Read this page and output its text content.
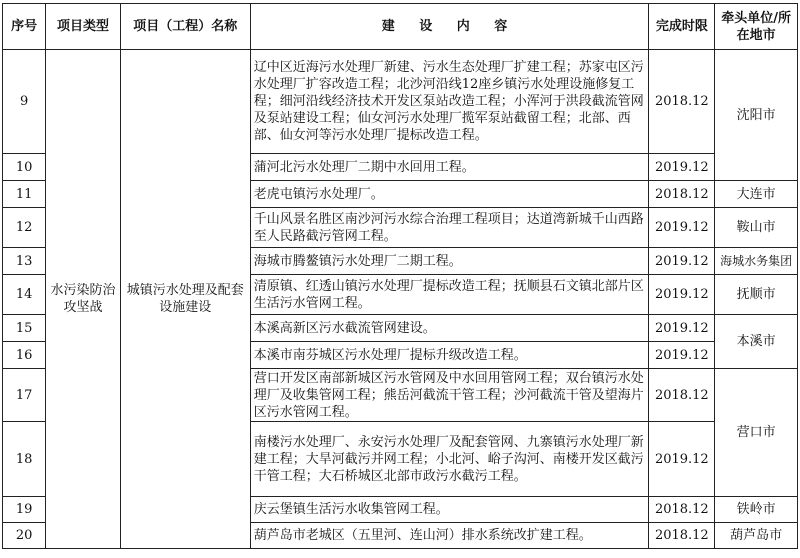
序号	项目类型	项目（工程）名称	建 设 内 容	完成时限	牵头单位/所在地市
9	水污染防治攻坚战	城镇污水处理及配套设施建设	辽中区近海污水处理厂新建、污水生态处理厂扩建工程；苏家屯区污水处理厂扩容改造工程；北沙河沿线12座乡镇污水处理设施修复工程；细河沿线经济技术开发区泵站改造工程；小浑河于洪段截流管网及泵站建设工程；仙女河污水处理厂揽军泵站截留工程；北部、西部、仙女河等污水处理厂提标改造工程。	2018.12	沈阳市
10			蒲河北污水处理厂二期中水回用工程。	2019.12	
11			老虎屯镇污水处理厂。	2018.12	大连市
12			千山风景名胜区南沙河污水综合治理工程项目；达道湾新城千山西路至人民路截污管网工程。	2019.12	鞍山市
13			海城市腾鳌镇污水处理厂二期工程。	2019.12	海城水务集团
14			清原镇、红透山镇污水处理厂提标改造工程；抚顺县石文镇北部片区生活污水管网工程。	2019.12	抚顺市
15			本溪高新区污水截流管网建设。	2019.12	本溪市
16			本溪市南芬城区污水处理厂提标升级改造工程。	2019.12	
17			营口开发区南部新城区污水管网及中水回用管网工程；双台镇污水处理厂及收集管网工程；熊岳河截流干管工程；沙河截流干管及望海片区污水管网工程。	2018.12	营口市
18			南楼污水处理厂、永安污水处理厂及配套管网、九寨镇污水处理厂新建工程；大旱河截污并网工程；小北河、峪子沟河、南楼开发区截污干管工程；大石桥城区北部市政污水截污工程。	2019.12	
19			庆云堡镇生活污水收集管网工程。	2018.12	铁岭市
20			葫芦岛市老城区（五里河、连山河）排水系统改扩建工程。	2018.12	葫芦岛市
